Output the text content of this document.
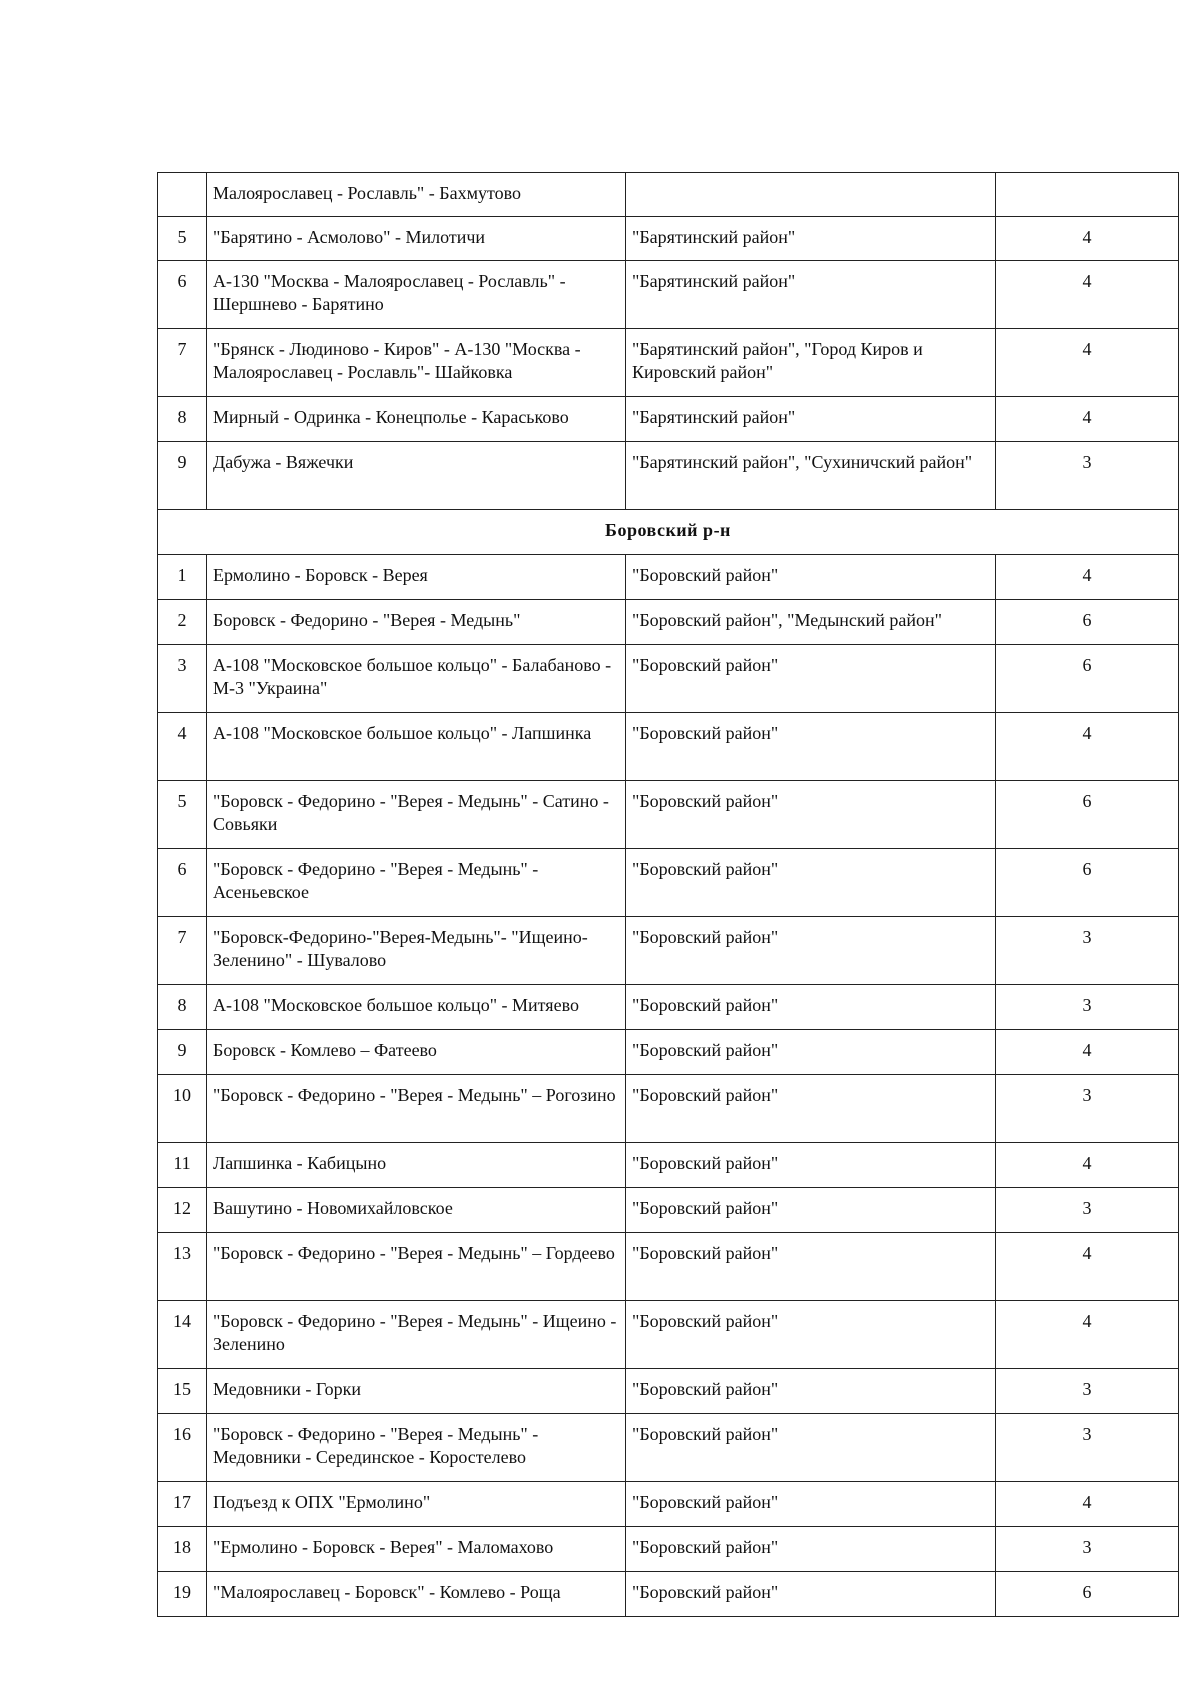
	Малоярославец - Рославль" - Бахмутово		
5	"Барятино - Асмолово" - Милотичи	"Барятинский район"	4
6	А-130 "Москва - Малоярославец - Рославль" - Шершнево - Барятино	"Барятинский район"	4
7	"Брянск - Людиново - Киров" - А-130 "Москва - Малоярославец - Рославль"- Шайковка	"Барятинский район", "Город Киров и Кировский район"	4
8	Мирный - Одринка - Конецполье - Караськово	"Барятинский район"	4
9	Дабужа - Вяжечки	"Барятинский район", "Сухиничский район"	3
Боровский р-н			
1	Ермолино - Боровск - Верея	"Боровский район"	4
2	Боровск - Федорино - "Верея - Медынь"	"Боровский район", "Медынский район"	6
3	А-108 "Московское большое кольцо" - Балабаново - М-3 "Украина"	"Боровский район"	6
4	А-108 "Московское большое кольцо" - Лапшинка	"Боровский район"	4
5	"Боровск - Федорино - "Верея - Медынь" - Сатино - Совьяки	"Боровский район"	6
6	"Боровск - Федорино - "Верея - Медынь" - Асеньевское	"Боровский район"	6
7	"Боровск-Федорино-"Верея-Медынь"- "Ищеино-Зеленино" - Шувалово	"Боровский район"	3
8	А-108 "Московское большое кольцо" - Митяево	"Боровский район"	3
9	Боровск - Комлево – Фатеево	"Боровский район"	4
10	"Боровск - Федорино - "Верея - Медынь" – Рогозино	"Боровский район"	3
11	Лапшинка - Кабицыно	"Боровский район"	4
12	Вашутино - Новомихайловское	"Боровский район"	3
13	"Боровск - Федорино - "Верея - Медынь" – Гордеево	"Боровский район"	4
14	"Боровск - Федорино - "Верея - Медынь" - Ищеино - Зеленино	"Боровский район"	4
15	Медовники - Горки	"Боровский район"	3
16	"Боровск - Федорино - "Верея - Медынь" - Медовники - Серединское - Коростелево	"Боровский район"	3
17	Подъезд к ОПХ "Ермолино"	"Боровский район"	4
18	"Ермолино - Боровск - Верея" - Маломахово	"Боровский район"	3
19	"Малоярославец - Боровск" - Комлево - Роща	"Боровский район"	6
